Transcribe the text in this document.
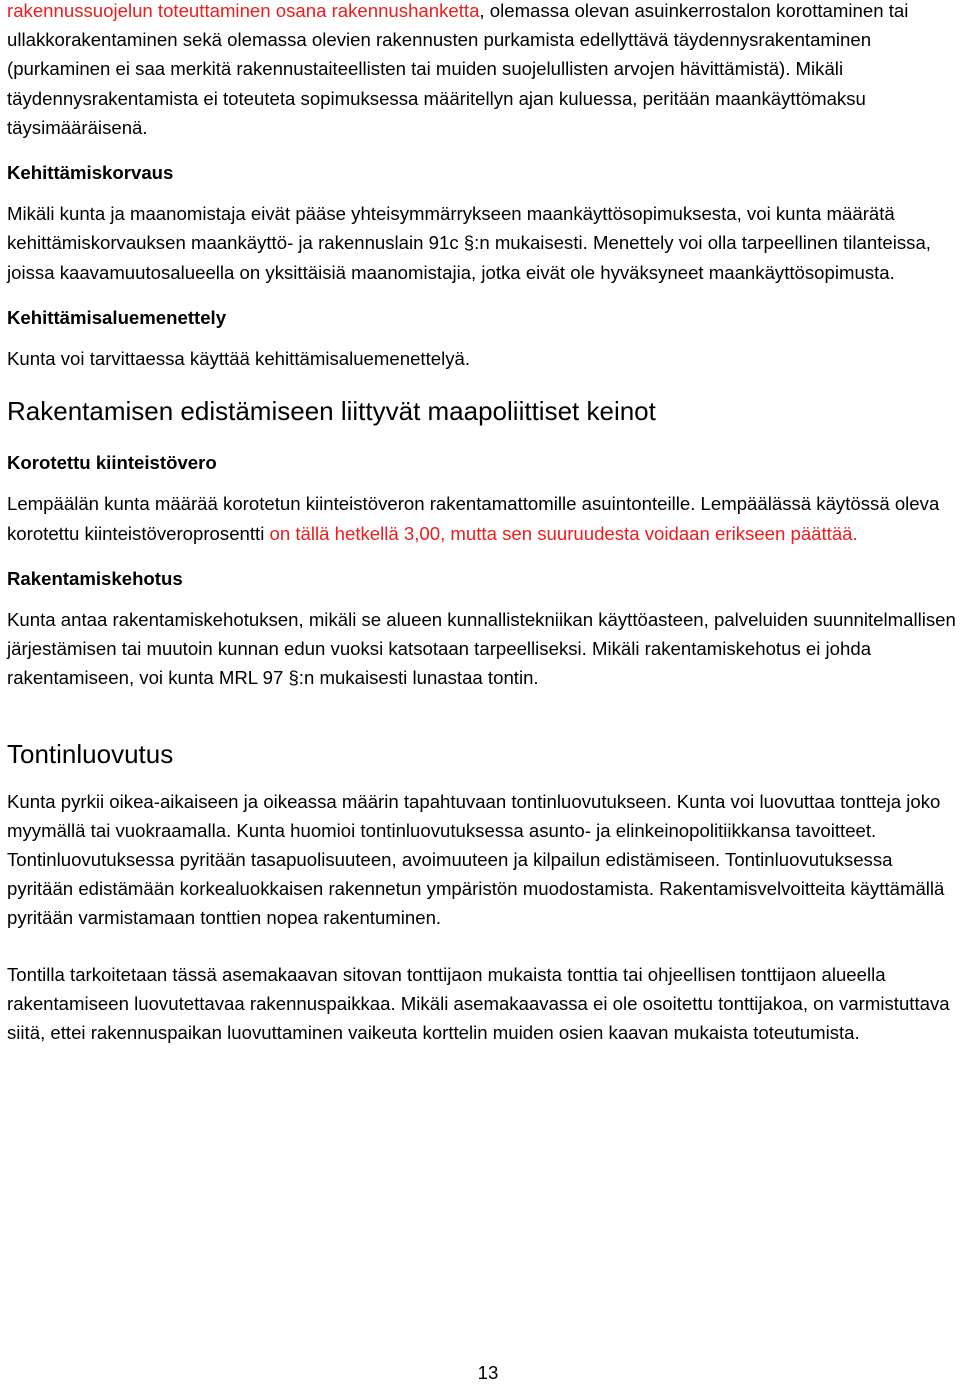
rakennussuojelun toteuttaminen osana rakennushanketta, olemassa olevan asuinkerrostalon korottaminen tai ullakkorakentaminen sekä olemassa olevien rakennusten purkamista edellyttävä täydennysrakentaminen (purkaminen ei saa merkitä rakennustaiteellisten tai muiden suojelullisten arvojen hävittämistä). Mikäli täydennysrakentamista ei toteuteta sopimuksessa määritellyn ajan kuluessa, peritään maankäyttömaksu täysimääräisenä.

Kehittämiskorvaus

Mikäli kunta ja maanomistaja eivät pääse yhteisymmärrykseen maankäyttösopimuksesta, voi kunta määrätä kehittämiskorvauksen maankäyttö- ja rakennuslain 91c §:n mukaisesti. Menettely voi olla tarpeellinen tilanteissa, joissa kaavamuutosalueella on yksittäisiä maanomistajia, jotka eivät ole hyväksyneet maankäyttösopimusta.

Kehittämisaluemenettely

Kunta voi tarvittaessa käyttää kehittämisaluemenettelyä.

Rakentamisen edistämiseen liittyvät maapoliittiset keinot
Korotettu kiinteistövero

Lempäälän kunta määrää korotetun kiinteistöveron rakentamattomille asuintonteille. Lempäälässä käytössä oleva korotettu kiinteistöveroprosentti on tällä hetkellä 3,00, mutta sen suuruudesta voidaan erikseen päättää.

Rakentamiskehotus

Kunta antaa rakentamiskehotuksen, mikäli se alueen kunnallistekniikan käyttöasteen, palveluiden suunnitelmallisen järjestämisen tai muutoin kunnan edun vuoksi katsotaan tarpeelliseksi. Mikäli rakentamiskehotus ei johda rakentamiseen, voi kunta MRL 97 §:n mukaisesti lunastaa tontin.

Tontinluovutus

Kunta pyrkii oikea-aikaiseen ja oikeassa määrin tapahtuvaan tontinluovutukseen. Kunta voi luovuttaa tontteja joko myymällä tai vuokraamalla. Kunta huomioi tontinluovutuksessa asunto- ja elinkeinopolitiikkansa tavoitteet. Tontinluovutuksessa pyritään tasapuolisuuteen, avoimuuteen ja kilpailun edistämiseen. Tontinluovutuksessa pyritään edistämään korkealuokkaisen rakennetun ympäristön muodostamista. Rakentamisvelvoitteita käyttämällä pyritään varmistamaan tonttien nopea rakentuminen.

Tontilla tarkoitetaan tässä asemakaavan sitovan tonttijaon mukaista tonttia tai ohjeellisen tonttijaon alueella rakentamiseen luovutettavaa rakennuspaikkaa. Mikäli asemakaavassa ei ole osoitettu tonttijakoa, on varmistuttava siitä, ettei rakennuspaikan luovuttaminen vaikeuta korttelin muiden osien kaavan mukaista toteutumista.

13
